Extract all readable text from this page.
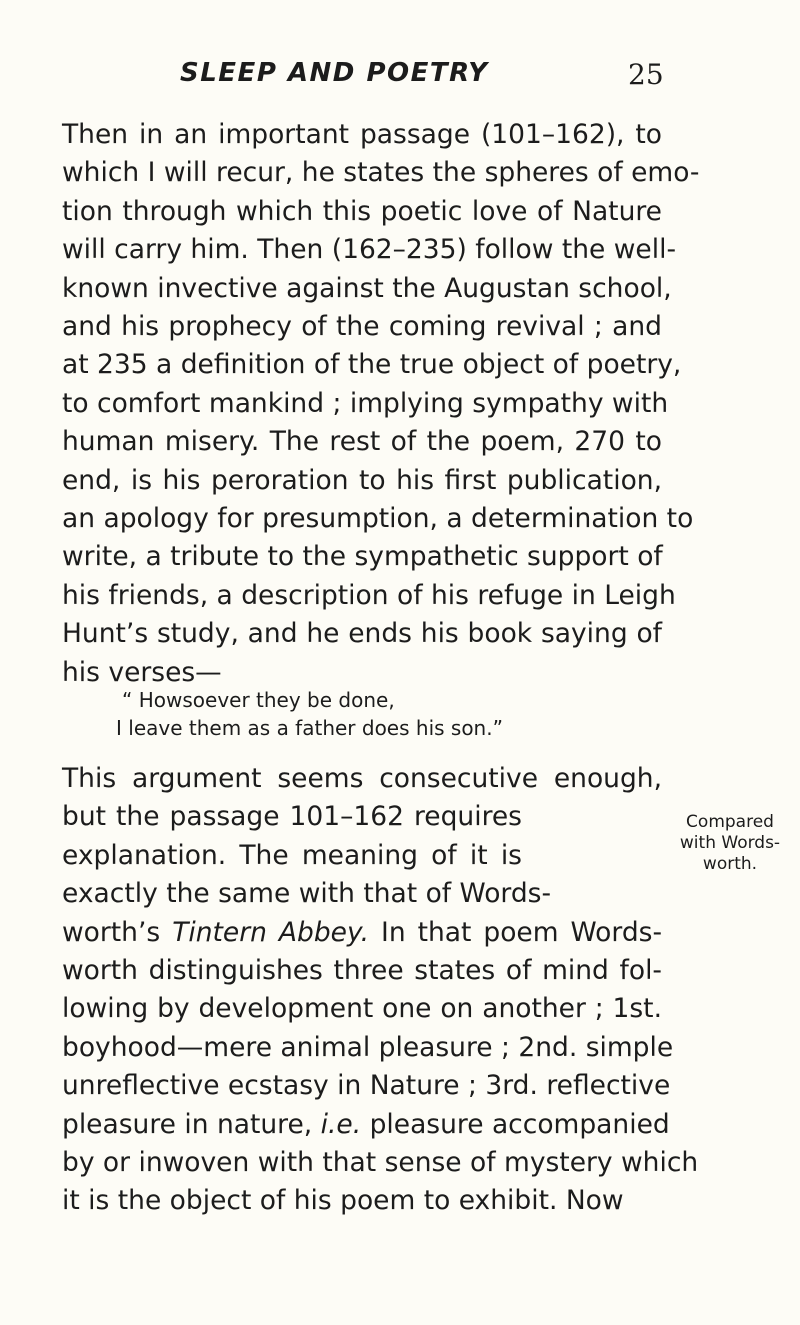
SLEEP AND POETRY	25
Then in an important passage (101–162), to
which I will recur, he states the spheres of emo-
tion through which this poetic love of Nature
will carry him. Then (162–235) follow the well-
known invective against the Augustan school,
and his prophecy of the coming revival ; and
at 235 a definition of the true object of poetry,
to comfort mankind ; implying sympathy with
human misery. The rest of the poem, 270 to
end, is his peroration to his first publication,
an apology for presumption, a determination to
write, a tribute to the sympathetic support of
his friends, a description of his refuge in Leigh
Hunt’s study, and he ends his book saying of
his verses—
“ Howsoever they be done,
I leave them as a father does his son.”
This argument seems consecutive enough,
but the passage 101–162 requires
explanation. The meaning of it is
exactly the same with that of Words-
worth’s Tintern Abbey. In that poem Words-
worth distinguishes three states of mind fol-
lowing by development one on another ; 1st.
boyhood—mere animal pleasure ; 2nd. simple
unreflective ecstasy in Nature ; 3rd. reflective
pleasure in nature, i.e. pleasure accompanied
by or inwoven with that sense of mystery which
it is the object of his poem to exhibit. Now
Compared
with Words-
worth.
